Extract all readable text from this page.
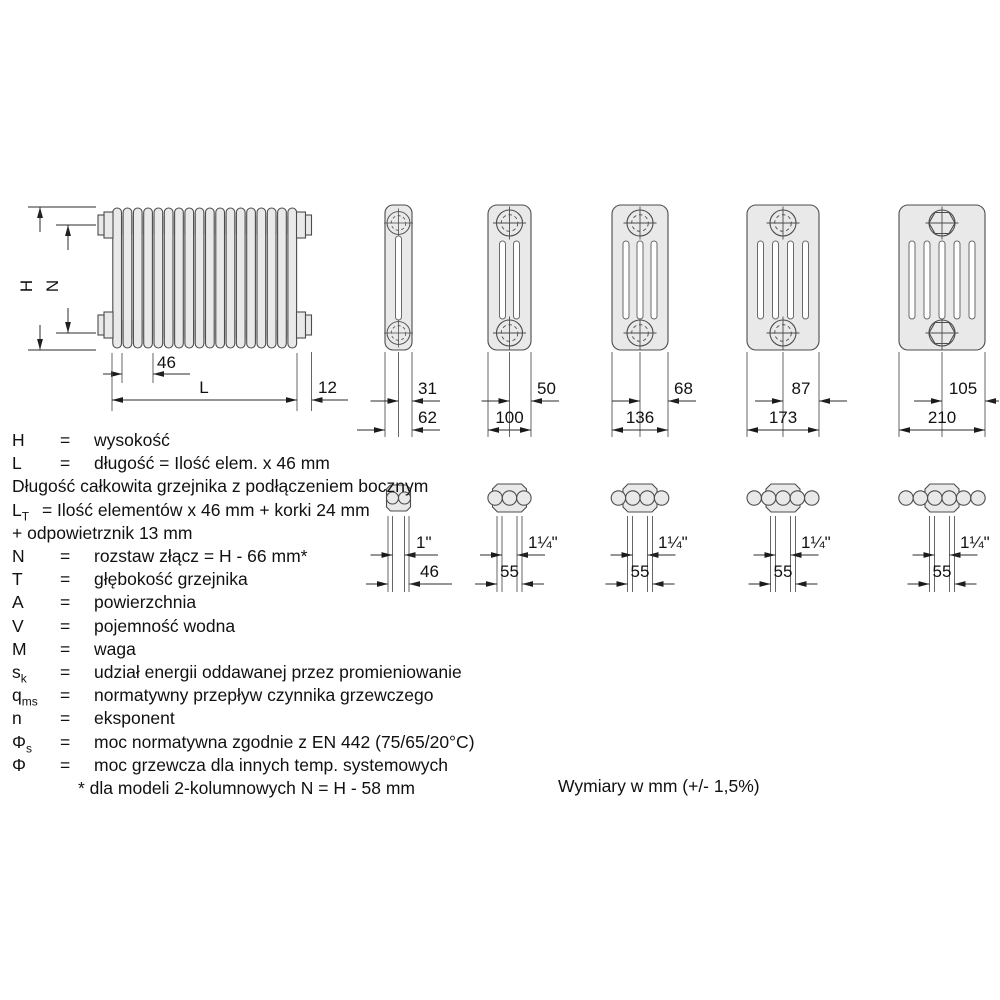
H N
46
L	12	31
62
50
100
68
136
87
173
105
210
1"
46
1¼"
55
1¼"
55
1¼"
55
1¼"
55
H	=	wysokość
L	=	długość = Ilość elem. x 46 mm
Długość całkowita grzejnika z podłączeniem bocznym
$L_T$ = Ilość elementów x 46 mm + korki 24 mm
+ odpowietrznik 13 mm
N	=	rozstaw złącz = H - 66 mm*
T	=	głębokość grzejnika
A	=	powierzchnia
V	=	pojemność wodna
M	=	waga
$s_k$	=	udział energii oddawanej przez promieniowanie
$q_{ms}$	=	normatywny przepływ czynnika grzewczego
n	=	eksponent
$\Phi_s$	=	moc normatywna zgodnie z EN 442 (75/65/20°C)
Φ	=	moc grzewcza dla innych temp. systemowych
* dla modeli 2-kolumnowych N = H - 58 mm	Wymiary w mm (+/- 1,5%)
